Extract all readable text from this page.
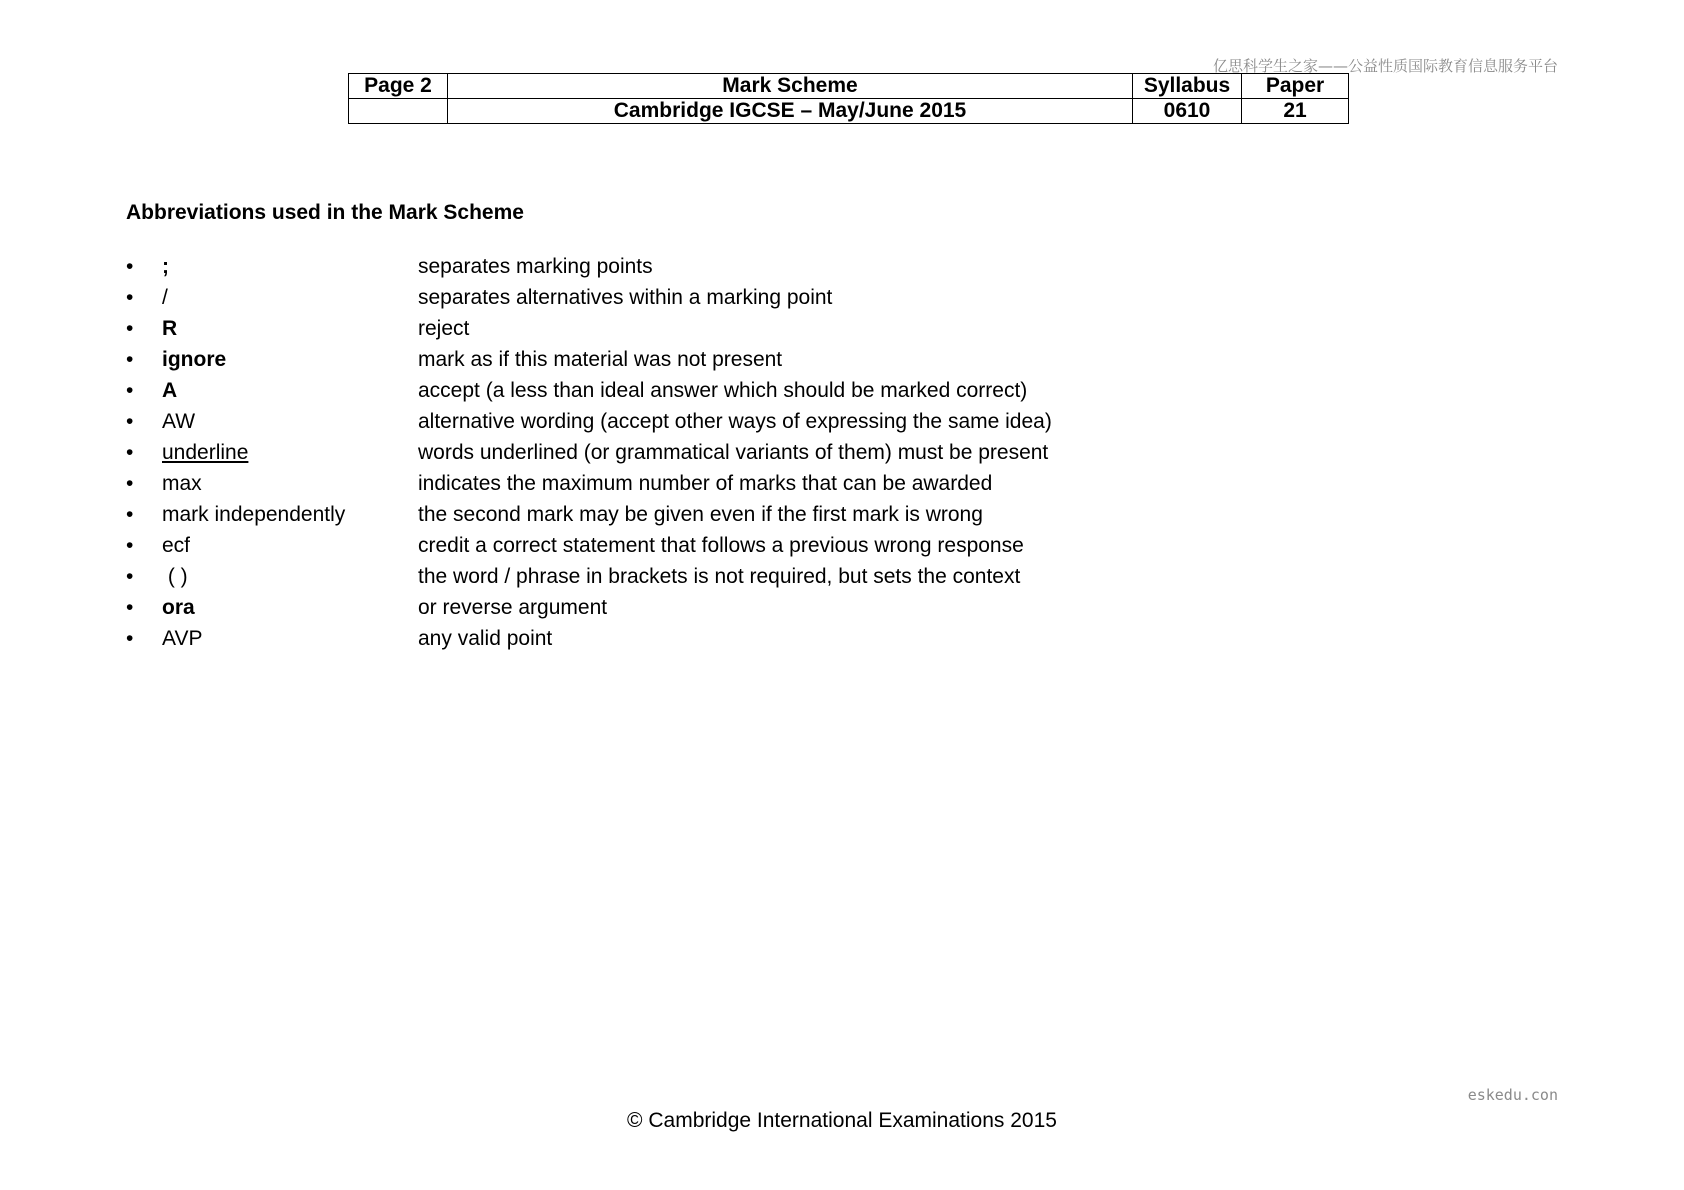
亿思科学生之家——公益性质国际教育信息服务平台
Page 2	Mark Scheme	Syllabus	Paper
	Cambridge IGCSE – May/June 2015	0610	21
Abbreviations used in the Mark Scheme
•	;	separates marking points
•	/	separates alternatives within a marking point
•	R	reject
•	ignore	mark as if this material was not present
•	A	accept (a less than ideal answer which should be marked correct)
•	AW	alternative wording (accept other ways of expressing the same idea)
•	underline	words underlined (or grammatical variants of them) must be present
•	max	indicates the maximum number of marks that can be awarded
•	mark independently	the second mark may be given even if the first mark is wrong
•	ecf	credit a correct statement that follows a previous wrong response
•	( )	the word / phrase in brackets is not required, but sets the context
•	ora	or reverse argument
•	AVP	any valid point
eskedu.con
© Cambridge International Examinations 2015
